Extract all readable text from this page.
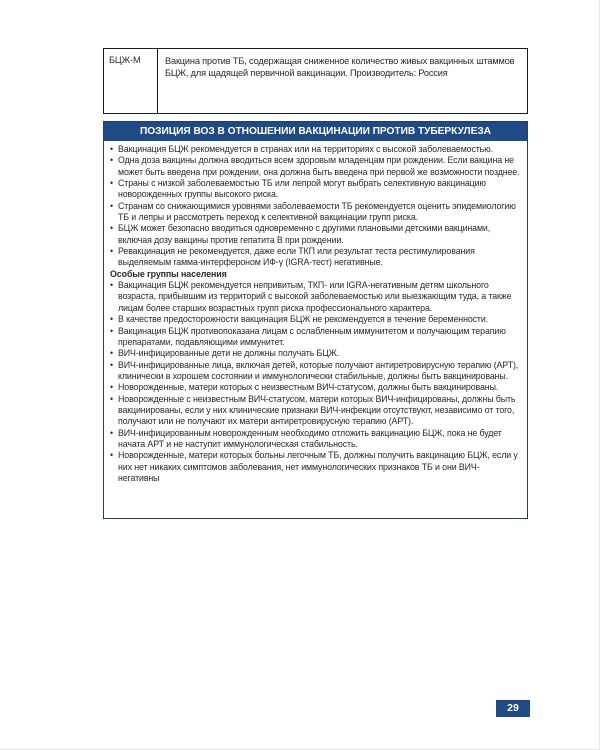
БЦЖ-М	Вакцина против ТБ, содержащая сниженное количество живых вакцинных штаммов БЦЖ, для щадящей первичной вакцинации. Производитель: Россия
ПОЗИЦИЯ ВОЗ В ОТНОШЕНИИ ВАКЦИНАЦИИ ПРОТИВ ТУБЕРКУЛЕЗА
• Вакцинация БЦЖ рекомендуется в странах или на территориях с высокой заболеваемостью.
• Одна доза вакцины должна вводиться всем здоровым младенцам при рождении. Если вакцина не может быть введена при рождении, она должна быть введена при первой же возможности позднее.
• Страны с низкой заболеваемостью ТБ или лепрой могут выбрать селективную вакцинацию новорожденных группы высокого риска.
• Странам со снижающимися уровнями заболеваемости ТБ рекомендуется оценить эпидемиологию ТБ и лепры и рассмотреть переход к селективной вакцинации групп риска.
• БЦЖ может безопасно вводиться одновременно с другими плановыми детскими вакцинами, включая дозу вакцины против гепатита В при рождении.
• Ревакцинация не рекомендуется, даже если ТКП или результат теста рестимулирования выделяемым гамма-интерфероном ИФ-γ (IGRA-тест) негативные.
Особые группы населения
• Вакцинация БЦЖ рекомендуется непривитым, ТКП- или IGRA-негативным детям школьного возраста, прибывшим из территорий с высокой заболеваемостью или выезжающим туда, а также лицам более старших возрастных групп риска профессионального характера.
• В качестве предосторожности вакцинация БЦЖ не рекомендуется в течение беременности.
• Вакцинация БЦЖ противопоказана лицам с ослабленным иммунитетом и получающим терапию препаратами, подавляющими иммунитет.
• ВИЧ-инфицированные дети не должны получать БЦЖ.
• ВИЧ-инфицированные лица, включая детей, которые получают антиретровирусную терапию (АРТ), клинически в хорошем состоянии и иммунологически стабильные, должны быть вакцинированы.
• Новорожденные, матери которых с неизвестным ВИЧ-статусом, должны быть вакцинированы.
• Новорожденные с неизвестным ВИЧ-статусом, матери которых ВИЧ-инфицированы, должны быть вакцинированы, если у них клинические признаки ВИЧ-инфекции отсутствуют, независимо от того, получают или не получают их матери антиретровирусную терапию (АРТ).
• ВИЧ-инфицированным новорожденным необходимо отложить вакцинацию БЦЖ, пока не будет начата АРТ и не наступит иммунологическая стабильность.
• Новорожденные, матери которых больны легочным ТБ, должны получить вакцинацию БЦЖ, если у них нет никаких симптомов заболевания, нет иммунологических признаков ТБ и они ВИЧ-негативны
29
